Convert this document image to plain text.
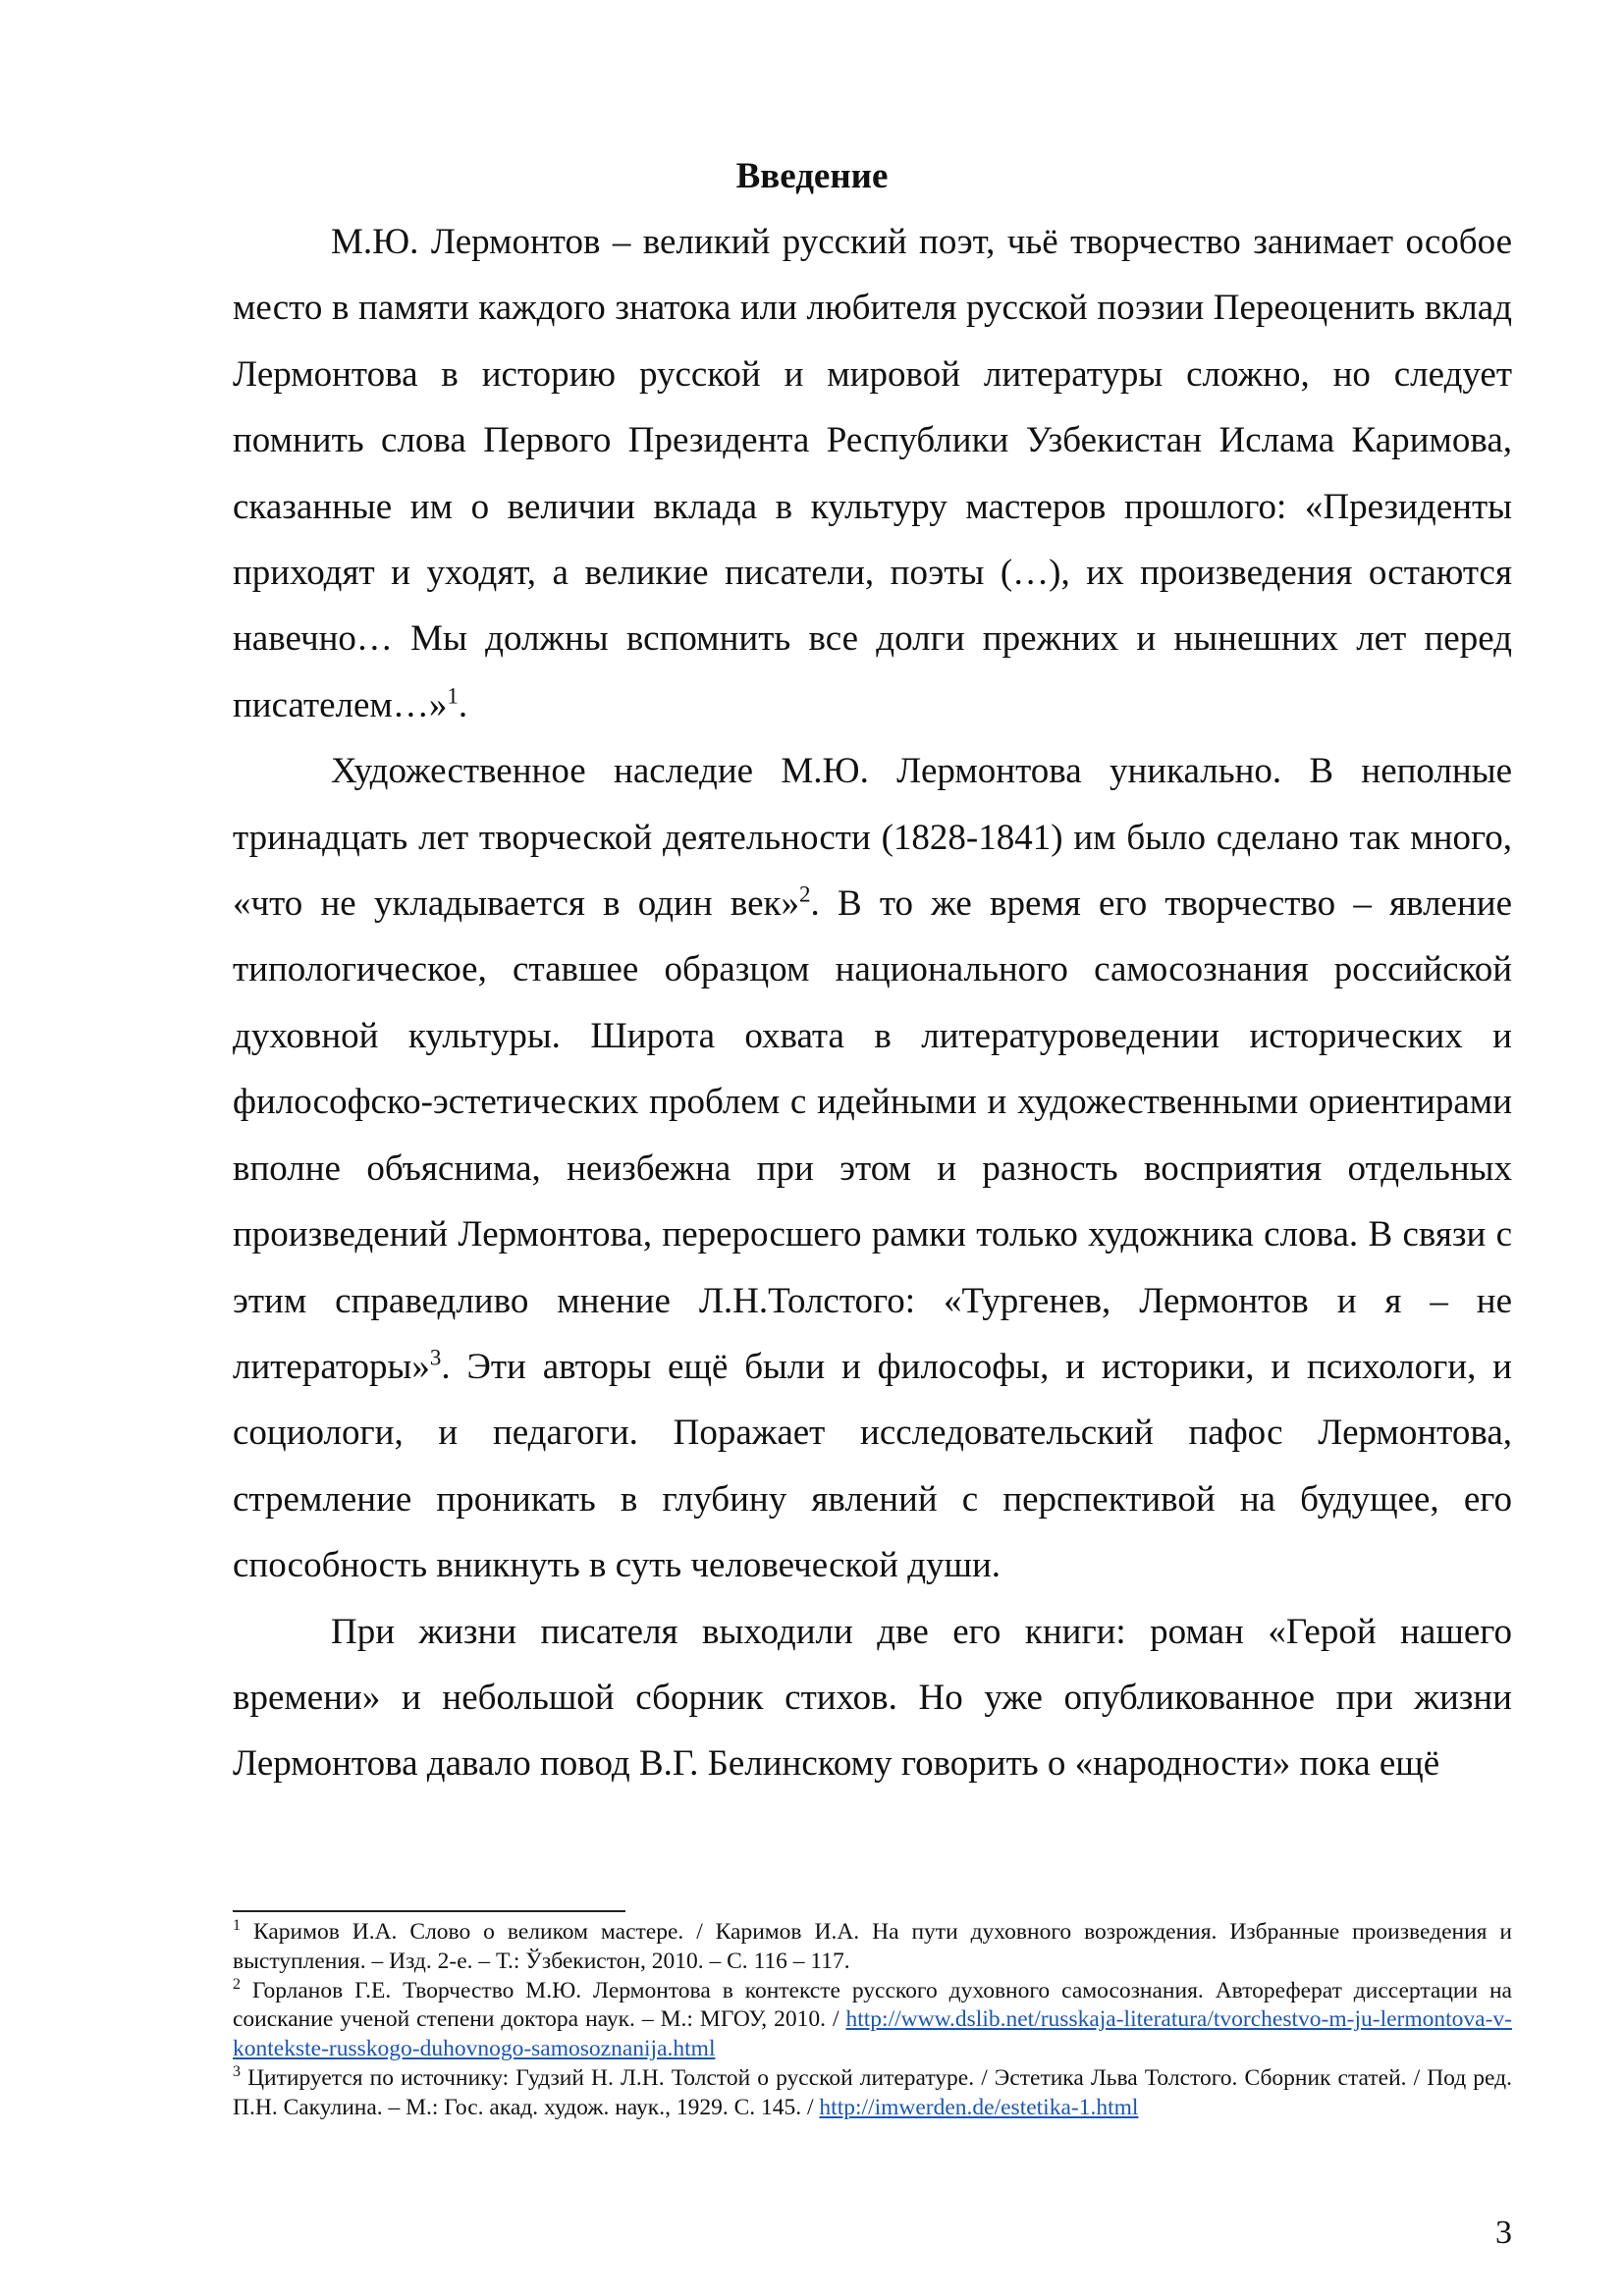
Введение

М.Ю. Лермонтов – великий русский поэт, чьё творчество занимает особое место в памяти каждого знатока или любителя русской поэзии Переоценить вклад Лермонтова в историю русской и мировой литературы сложно, но следует помнить слова Первого Президента Республики Узбекистан Ислама Каримова, сказанные им о величии вклада в культуру мастеров прошлого: «Президенты приходят и уходят, а великие писатели, поэты (…), их произведения остаются навечно… Мы должны вспомнить все долги прежних и нынешних лет перед писателем…»$^1$.

Художественное наследие М.Ю. Лермонтова уникально. В неполные тринадцать лет творческой деятельности (1828-1841) им было сделано так много, «что не укладывается в один век»$^2$. В то же время его творчество – явление типологическое, ставшее образцом национального самосознания российской духовной культуры. Широта охвата в литературоведении исторических и философско-эстетических проблем с идейными и художественными ориентирами вполне объяснима, неизбежна при этом и разность восприятия отдельных произведений Лермонтова, переросшего рамки только художника слова. В связи с этим справедливо мнение Л.Н.Толстого: «Тургенев, Лермонтов и я – не литераторы»$^3$. Эти авторы ещё были и философы, и историки, и психологи, и социологи, и педагоги. Поражает исследовательский пафос Лермонтова, стремление проникать в глубину явлений с перспективой на будущее, его способность вникнуть в суть человеческой души.

При жизни писателя выходили две его книги: роман «Герой нашего времени» и небольшой сборник стихов. Но уже опубликованное при жизни Лермонтова давало повод В.Г. Белинскому говорить о «народности» пока ещё

$^1$ Каримов И.А. Слово о великом мастере. / Каримов И.А. На пути духовного возрождения. Избранные произведения и выступления. – Изд. 2-е. – Т.: Ўзбекистон, 2010. – С. 116 – 117.

$^2$ Горланов Г.Е. Творчество М.Ю. Лермонтова в контексте русского духовного самосознания. Автореферат диссертации на соискание ученой степени доктора наук. – М.: МГОУ, 2010. / http://www.dslib.net/russkaja-literatura/tvorchestvo-m-ju-lermontova-v-kontekste-russkogo-duhovnogo-samosoznanija.html

$^3$ Цитируется по источнику: Гудзий Н. Л.Н. Толстой о русской литературе. / Эстетика Льва Толстого. Сборник статей. / Под ред. П.Н. Сакулина. – М.: Гос. акад. худож. наук., 1929. С. 145. / http://imwerden.de/estetika-1.html

3
